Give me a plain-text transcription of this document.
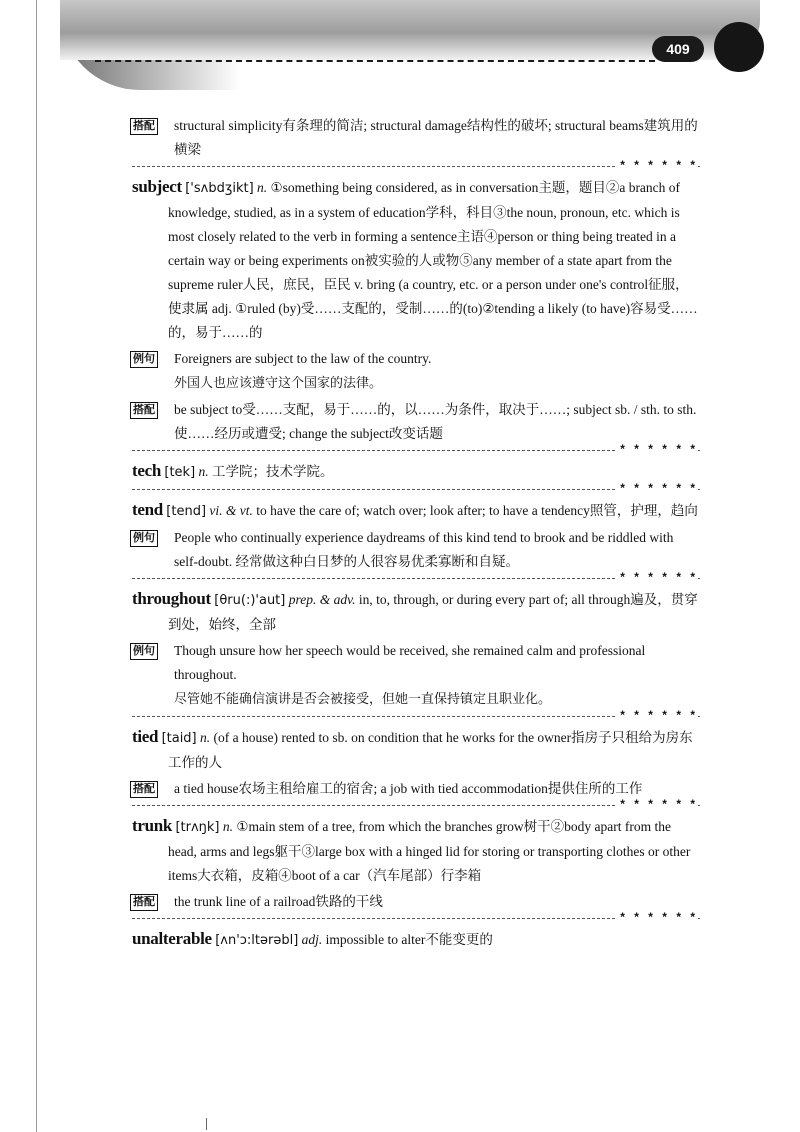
409
搭配 structural simplicity有条理的简洁; structural damage结构性的破坏; structural beams建筑用的横梁
* * * * * *
subject ['sʌbdʒikt] n. ①something being considered, as in conversation主题，题目②a branch of knowledge, studied, as in a system of education学科，科目③the noun, pronoun, etc. which is most closely related to the verb in forming a sentence主语④person or thing being treated in a certain way or being experiments on被实验的人或物⑤any member of a state apart from the supreme ruler人民，庶民，臣民 v. bring (a country, etc. or a person under one's control征服，使隶属 adj. ①ruled (by)受……支配的，受制……的(to)②tending a likely (to have)容易受……的，易于……的
例句 Foreigners are subject to the law of the country.
外国人也应该遵守这个国家的法律。
搭配 be subject to受……支配，易于……的，以……为条件，取决于……; subject sb. / sth. to sth.使……经历或遭受; change the subject改变话题
* * * * * *
tech [tek] n. 工学院；技术学院。
* * * * * *
tend [tend] vi. & vt. to have the care of; watch over; look after; to have a tendency照管，护理，趋向
例句 People who continually experience daydreams of this kind tend to brook and be riddled with self-doubt. 经常做这种白日梦的人很容易优柔寡断和自疑。
* * * * * *
throughout [θru(:)'aut] prep. & adv. in, to, through, or during every part of; all through遍及，贯穿到处，始终，全部
例句 Though unsure how her speech would be received, she remained calm and professional throughout.
尽管她不能确信演讲是否会被接受，但她一直保持镇定且职业化。
* * * * * *
tied [taid] n. (of a house) rented to sb. on condition that he works for the owner指房子只租给为房东工作的人
搭配 a tied house农场主租给雇工的宿舍; a job with tied accommodation提供住所的工作
* * * * * *
trunk [trʌŋk] n. ①main stem of a tree, from which the branches grow树干②body apart from the head, arms and legs躯干③large box with a hinged lid for storing or transporting clothes or other items大衣箱，皮箱④boot of a car（汽车尾部）行李箱
搭配 the trunk line of a railroad铁路的干线
* * * * * *
unalterable [ʌn'ɔ:ltərəbl] adj. impossible to alter不能变更的
